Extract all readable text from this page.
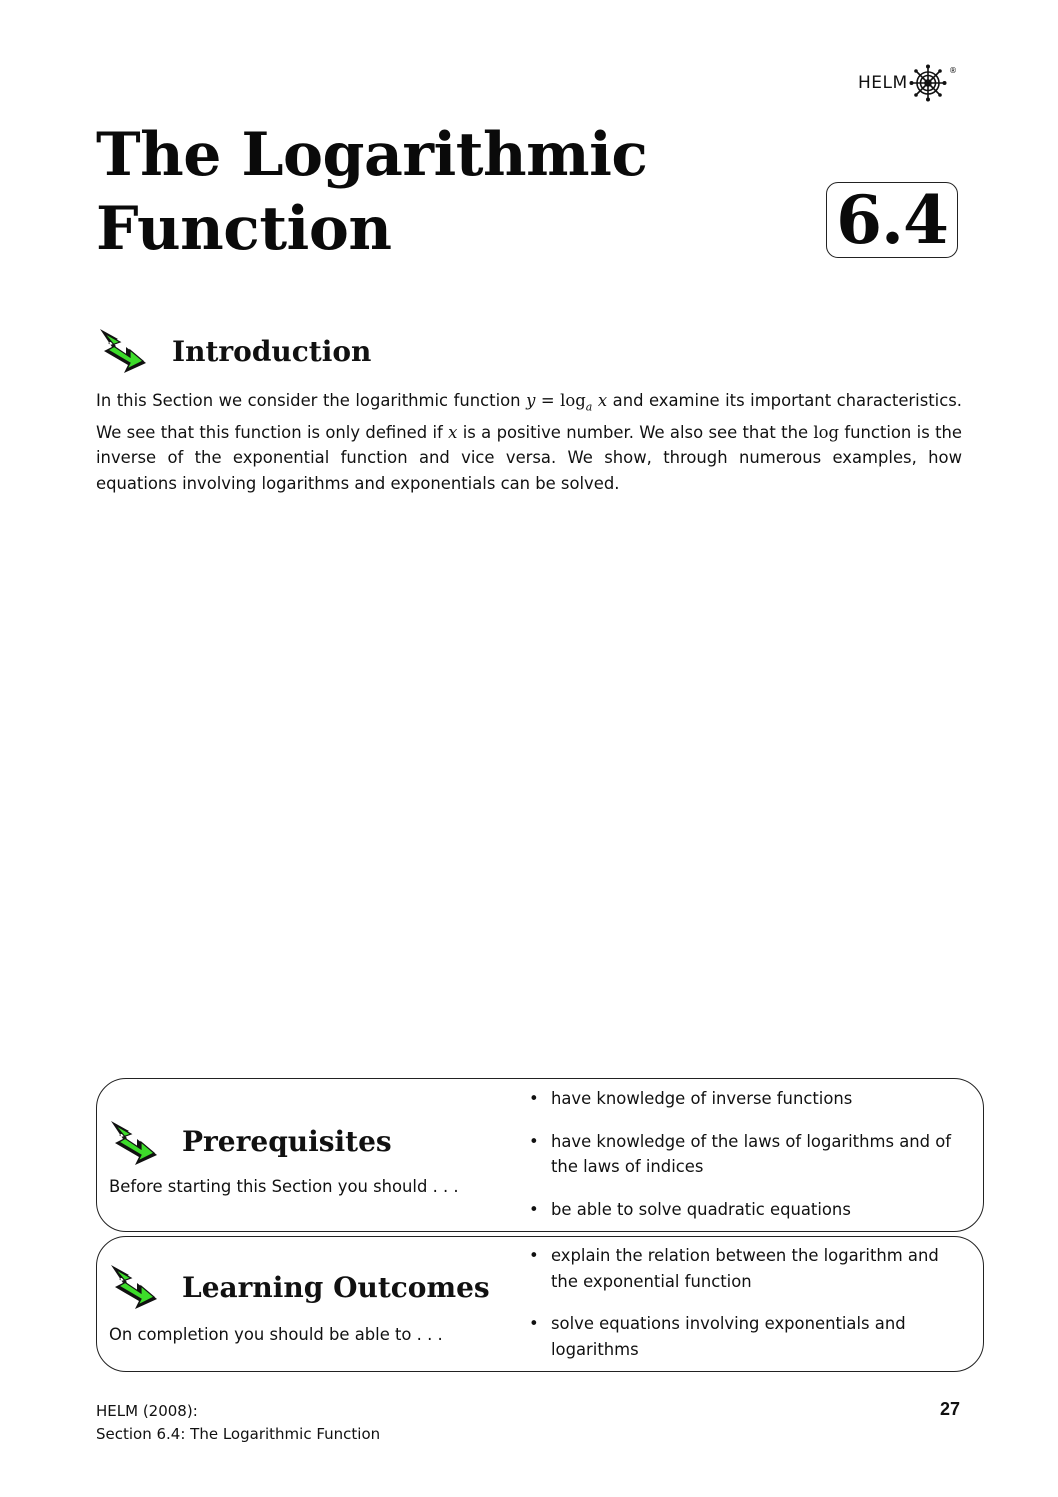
HELM
®
The Logarithmic
Function	6.4
Introduction

In this Section we consider the logarithmic function $y = \log_a x$ and examine its important characteristics. We see that this function is only defined if x is a positive number. We also see that the log function is the inverse of the exponential function and vice versa. We show, through numerous examples, how equations involving logarithms and exponentials can be solved.

Prerequisites

Before starting this Section you should . . .

• have knowledge of inverse functions
• have knowledge of the laws of logarithms and of the laws of indices
• be able to solve quadratic equations
Learning Outcomes

On completion you should be able to . . .

• explain the relation between the logarithm and the exponential function
• solve equations involving exponentials and logarithms
HELM (2008):
Section 6.4: The Logarithmic Function
27
